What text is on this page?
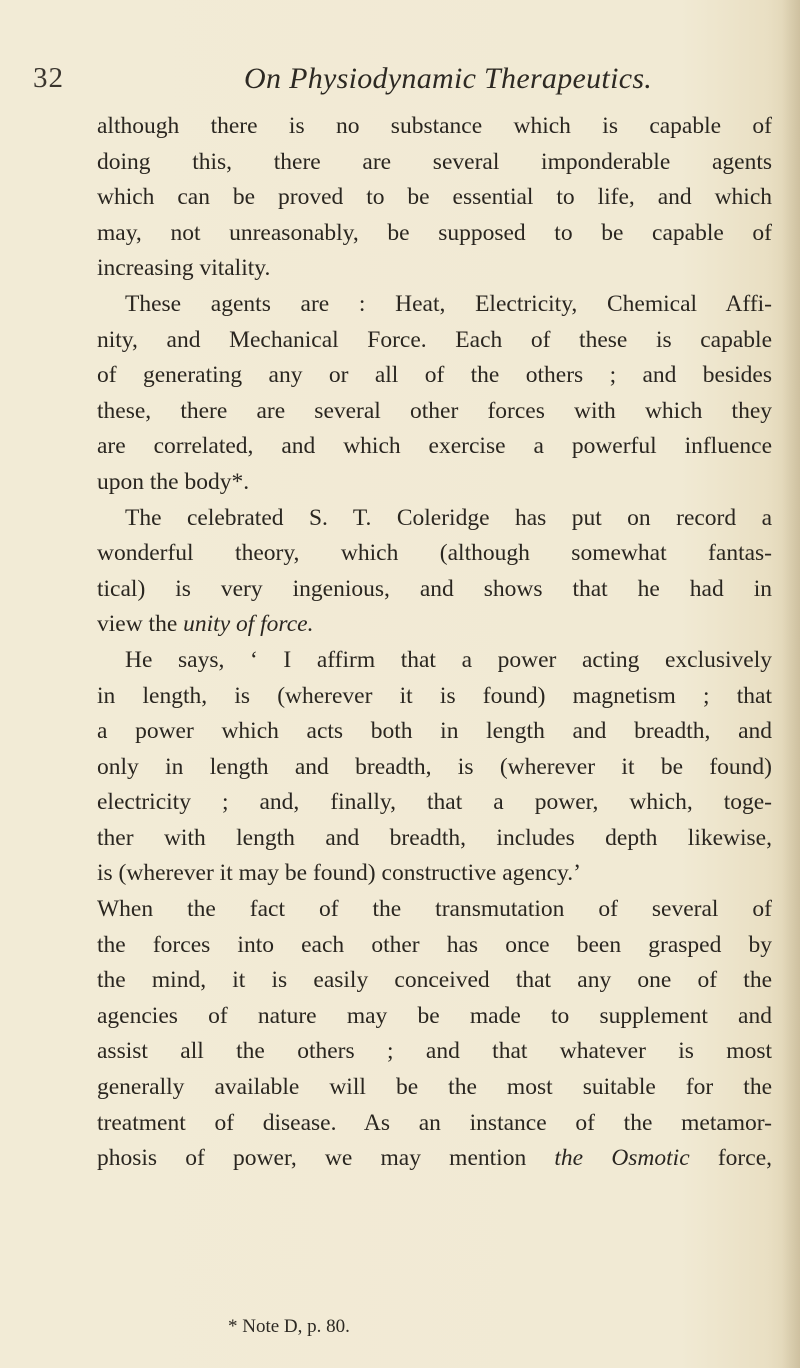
32	On Physiodynamic Therapeutics.
although there is no substance which is capable of
doing this, there are several imponderable agents
which can be proved to be essential to life, and which
may, not unreasonably, be supposed to be capable of
increasing vitality.
These agents are : Heat, Electricity, Chemical Affi-
nity, and Mechanical Force. Each of these is capable
of generating any or all of the others ; and besides
these, there are several other forces with which they
are correlated, and which exercise a powerful influence
upon the body*.
The celebrated S. T. Coleridge has put on record a
wonderful theory, which (although somewhat fantas-
tical) is very ingenious, and shows that he had in
view the unity of force.
He says, ‘ I affirm that a power acting exclusively
in length, is (wherever it is found) magnetism ; that
a power which acts both in length and breadth, and
only in length and breadth, is (wherever it be found)
electricity ; and, finally, that a power, which, toge-
ther with length and breadth, includes depth likewise,
is (wherever it may be found) constructive agency.’
When the fact of the transmutation of several of
the forces into each other has once been grasped by
the mind, it is easily conceived that any one of the
agencies of nature may be made to supplement and
assist all the others ; and that whatever is most
generally available will be the most suitable for the
treatment of disease. As an instance of the metamor-
phosis of power, we may mention the Osmotic force,
* Note D, p. 80.
